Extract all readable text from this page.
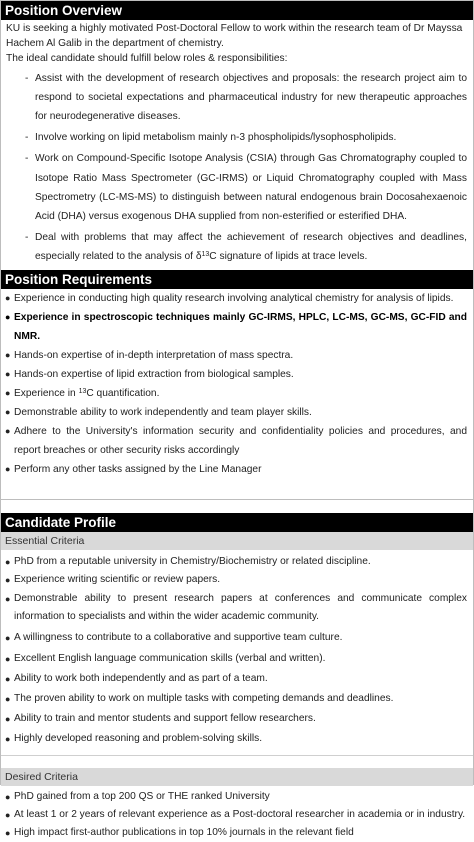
Position Overview
KU is seeking a highly motivated Post-Doctoral Fellow to work within the research team of Dr Mayssa Hachem Al Galib in the department of chemistry.
The ideal candidate should fulfill below roles & responsibilities:
- Assist with the development of research objectives and proposals: the research project aim to respond to societal expectations and pharmaceutical industry for new therapeutic approaches for neurodegenerative diseases.
- Involve working on lipid metabolism mainly n-3 phospholipids/lysophospholipids.
- Work on Compound-Specific Isotope Analysis (CSIA) through Gas Chromatography coupled to Isotope Ratio Mass Spectrometer (GC-IRMS) or Liquid Chromatography coupled with Mass Spectrometry (LC-MS-MS) to distinguish between natural endogenous brain Docosahexaenoic Acid (DHA) versus exogenous DHA supplied from non-esterified or esterified DHA.
- Deal with problems that may affect the achievement of research objectives and deadlines, especially related to the analysis of $\delta^{13}C$ signature of lipids at trace levels.
Position Requirements
● Experience in conducting high quality research involving analytical chemistry for analysis of lipids.
● Experience in spectroscopic techniques mainly GC-IRMS, HPLC, LC-MS, GC-MS, GC-FID and NMR.
● Hands-on expertise of in-depth interpretation of mass spectra.
● Hands-on expertise of lipid extraction from biological samples.
● Experience in $^{13}$C quantification.
● Demonstrable ability to work independently and team player skills.
● Adhere to the University's information security and confidentiality policies and procedures, and report breaches or other security risks accordingly
● Perform any other tasks assigned by the Line Manager
Candidate Profile
Essential Criteria
● PhD from a reputable university in Chemistry/Biochemistry or related discipline.
● Experience writing scientific or review papers.
● Demonstrable ability to present research papers at conferences and communicate complex information to specialists and within the wider academic community.
● A willingness to contribute to a collaborative and supportive team culture.
● Excellent English language communication skills (verbal and written).
● Ability to work both independently and as part of a team.
● The proven ability to work on multiple tasks with competing demands and deadlines.
● Ability to train and mentor students and support fellow researchers.
● Highly developed reasoning and problem-solving skills.
Desired Criteria
● PhD gained from a top 200 QS or THE ranked University
● At least 1 or 2 years of relevant experience as a Post-doctoral researcher in academia or in industry.
● High impact first-author publications in top 10% journals in the relevant field
